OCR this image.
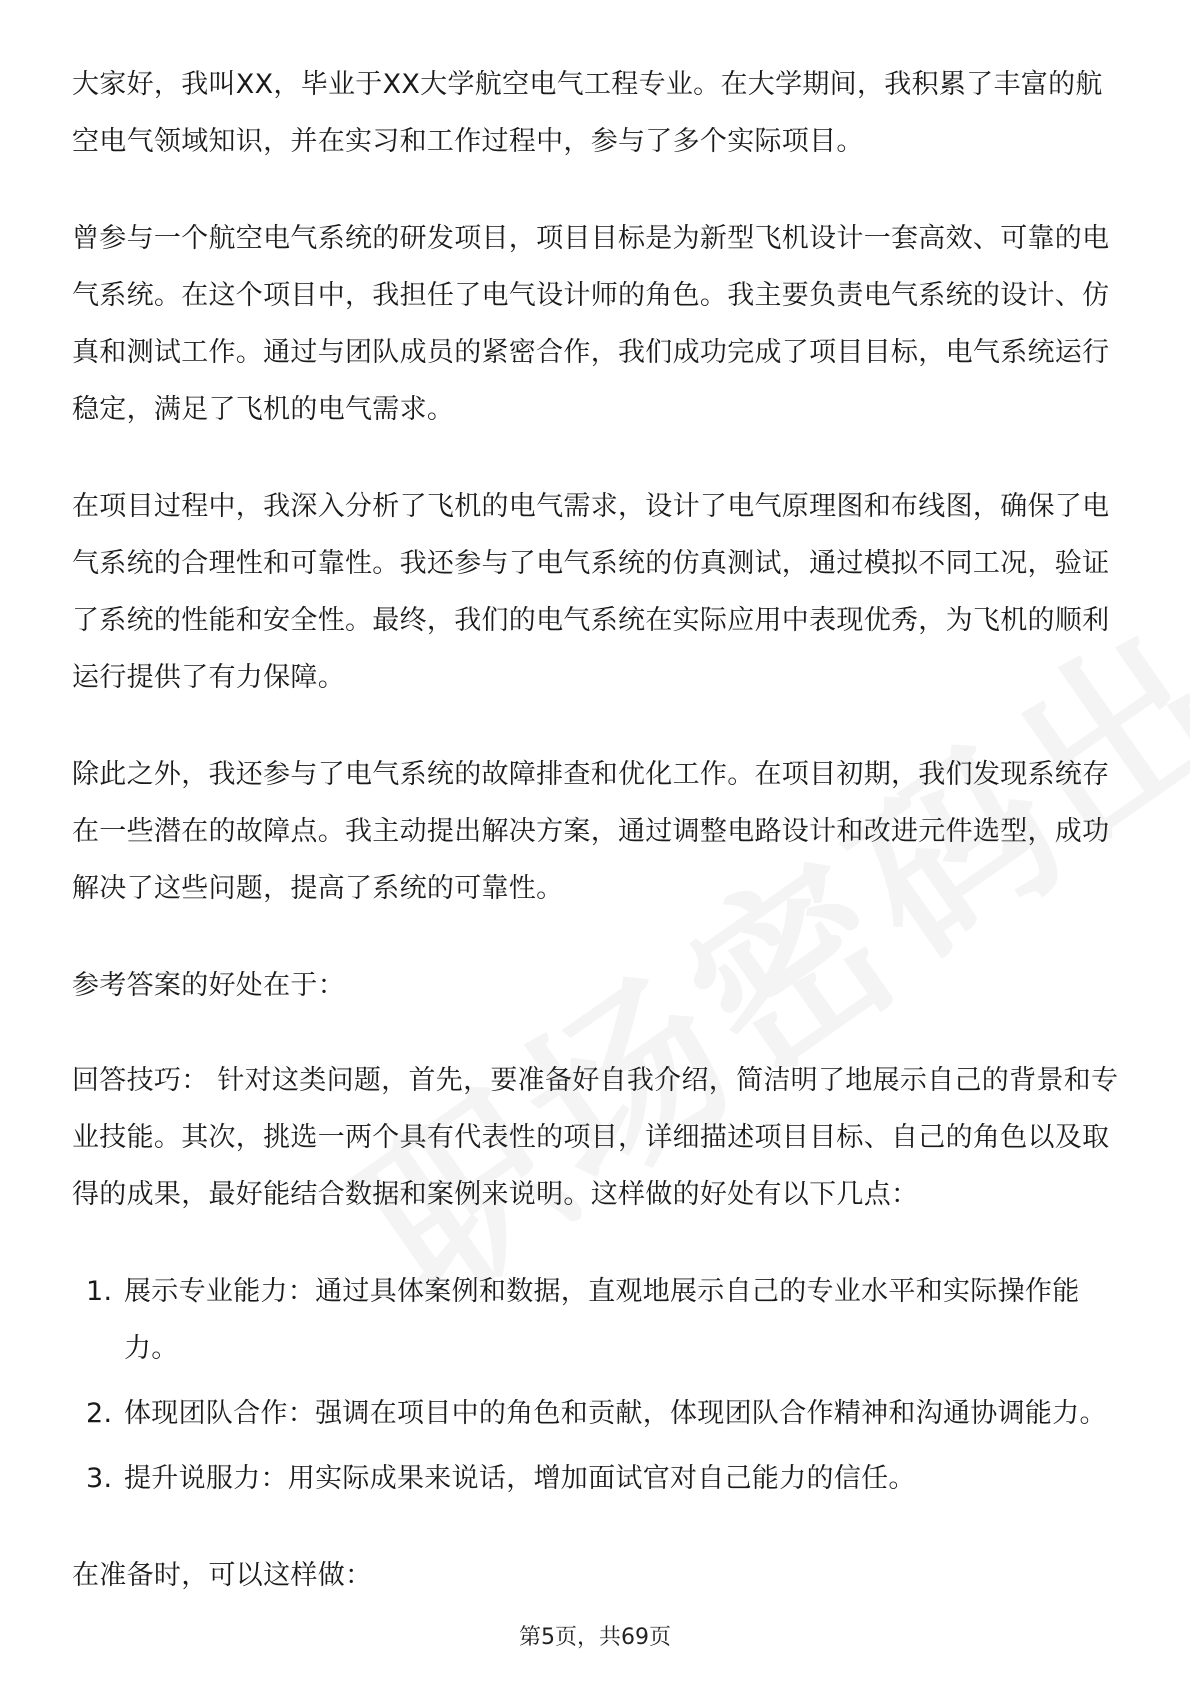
大家好，我叫XX，毕业于XX大学航空电气工程专业。在大学期间，我积累了丰富的航空电气领域知识，并在实习和工作过程中，参与了多个实际项目。

曾参与一个航空电气系统的研发项目，项目目标是为新型飞机设计一套高效、可靠的电气系统。在这个项目中，我担任了电气设计师的角色。我主要负责电气系统的设计、仿真和测试工作。通过与团队成员的紧密合作，我们成功完成了项目目标，电气系统运行稳定，满足了飞机的电气需求。

在项目过程中，我深入分析了飞机的电气需求，设计了电气原理图和布线图，确保了电气系统的合理性和可靠性。我还参与了电气系统的仿真测试，通过模拟不同工况，验证了系统的性能和安全性。最终，我们的电气系统在实际应用中表现优秀，为飞机的顺利运行提供了有力保障。

除此之外，我还参与了电气系统的故障排查和优化工作。在项目初期，我们发现系统存在一些潜在的故障点。我主动提出解决方案，通过调整电路设计和改进元件选型，成功解决了这些问题，提高了系统的可靠性。

参考答案的好处在于：

回答技巧： 针对这类问题，首先，要准备好自我介绍，简洁明了地展示自己的背景和专业技能。其次，挑选一两个具有代表性的项目，详细描述项目目标、自己的角色以及取得的成果，最好能结合数据和案例来说明。这样做的好处有以下几点：

1. 展示专业能力：通过具体案例和数据，直观地展示自己的专业水平和实际操作能力。
2. 体现团队合作：强调在项目中的角色和贡献，体现团队合作精神和沟通协调能力。
3. 提升说服力：用实际成果来说话，增加面试官对自己能力的信任。

在准备时，可以这样做：

第5页，共69页
